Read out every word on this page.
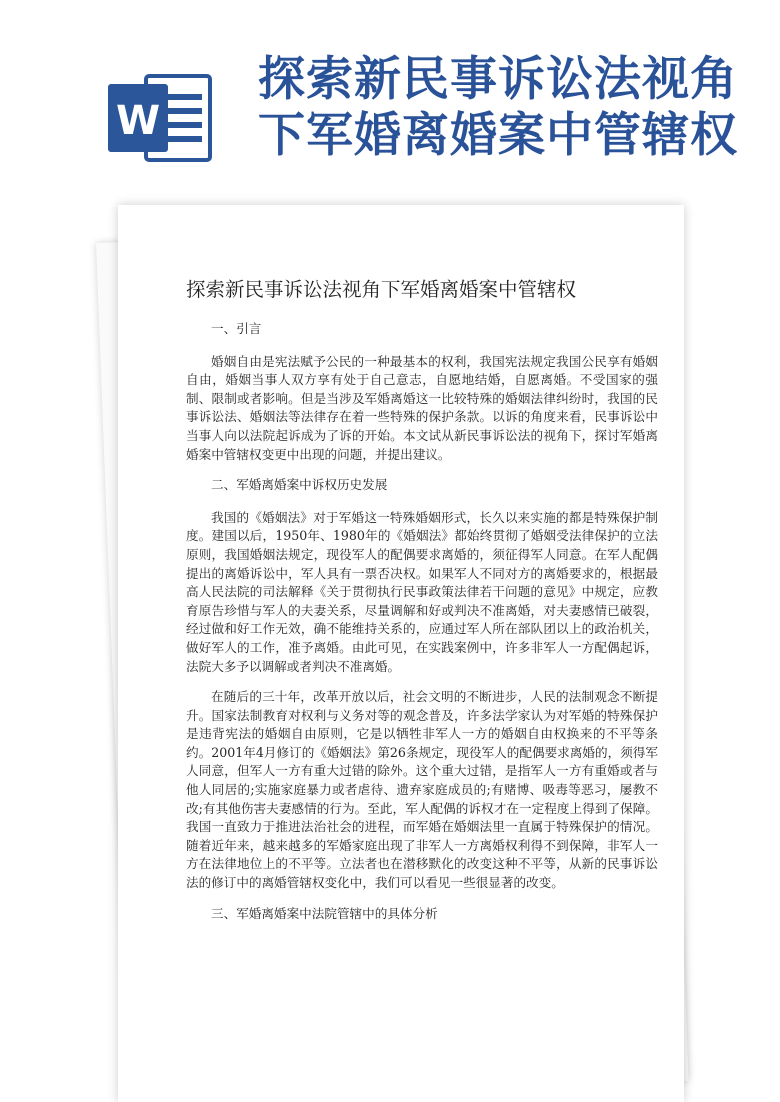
W
探索新民事诉讼法视角
下军婚离婚案中管辖权
探索新民事诉讼法视角下军婚离婚案中管辖权

一、引言

婚姻自由是宪法赋予公民的一种最基本的权利，我国宪法规定我国公民享有婚姻自由，婚姻当事人双方享有处于自己意志，自愿地结婚，自愿离婚。不受国家的强制、限制或者影响。但是当涉及军婚离婚这一比较特殊的婚姻法律纠纷时，我国的民事诉讼法、婚姻法等法律存在着一些特殊的保护条款。以诉的角度来看，民事诉讼中当事人向以法院起诉成为了诉的开始。本文试从新民事诉讼法的视角下，探讨军婚离婚案中管辖权变更中出现的问题，并提出建议。

二、军婚离婚案中诉权历史发展

我国的《婚姻法》对于军婚这一特殊婚姻形式，长久以来实施的都是特殊保护制度。建国以后，1950年、1980年的《婚姻法》都始终贯彻了婚姻受法律保护的立法原则，我国婚姻法规定，现役军人的配偶要求离婚的，须征得军人同意。在军人配偶提出的离婚诉讼中，军人具有一票否决权。如果军人不同对方的离婚要求的，根据最高人民法院的司法解释《关于贯彻执行民事政策法律若干问题的意见》中规定，应教育原告珍惜与军人的夫妻关系，尽量调解和好或判决不准离婚，对夫妻感情已破裂，经过做和好工作无效，确不能维持关系的，应通过军人所在部队团以上的政治机关，做好军人的工作，准予离婚。由此可见，在实践案例中，许多非军人一方配偶起诉，法院大多予以调解或者判决不准离婚。

在随后的三十年，改革开放以后，社会文明的不断进步，人民的法制观念不断提升。国家法制教育对权利与义务对等的观念普及，许多法学家认为对军婚的特殊保护是违背宪法的婚姻自由原则，它是以牺牲非军人一方的婚姻自由权换来的不平等条约。2001年4月修订的《婚姻法》第26条规定，现役军人的配偶要求离婚的，须得军人同意，但军人一方有重大过错的除外。这个重大过错，是指军人一方有重婚或者与他人同居的;实施家庭暴力或者虐待、遗弃家庭成员的;有赌博、吸毒等恶习，屡教不改;有其他伤害夫妻感情的行为。至此，军人配偶的诉权才在一定程度上得到了保障。我国一直致力于推进法治社会的进程，而军婚在婚姻法里一直属于特殊保护的情况。随着近年来，越来越多的军婚家庭出现了非军人一方离婚权利得不到保障，非军人一方在法律地位上的不平等。立法者也在潜移默化的改变这种不平等，从新的民事诉讼法的修订中的离婚管辖权变化中，我们可以看见一些很显著的改变。

三、军婚离婚案中法院管辖中的具体分析
